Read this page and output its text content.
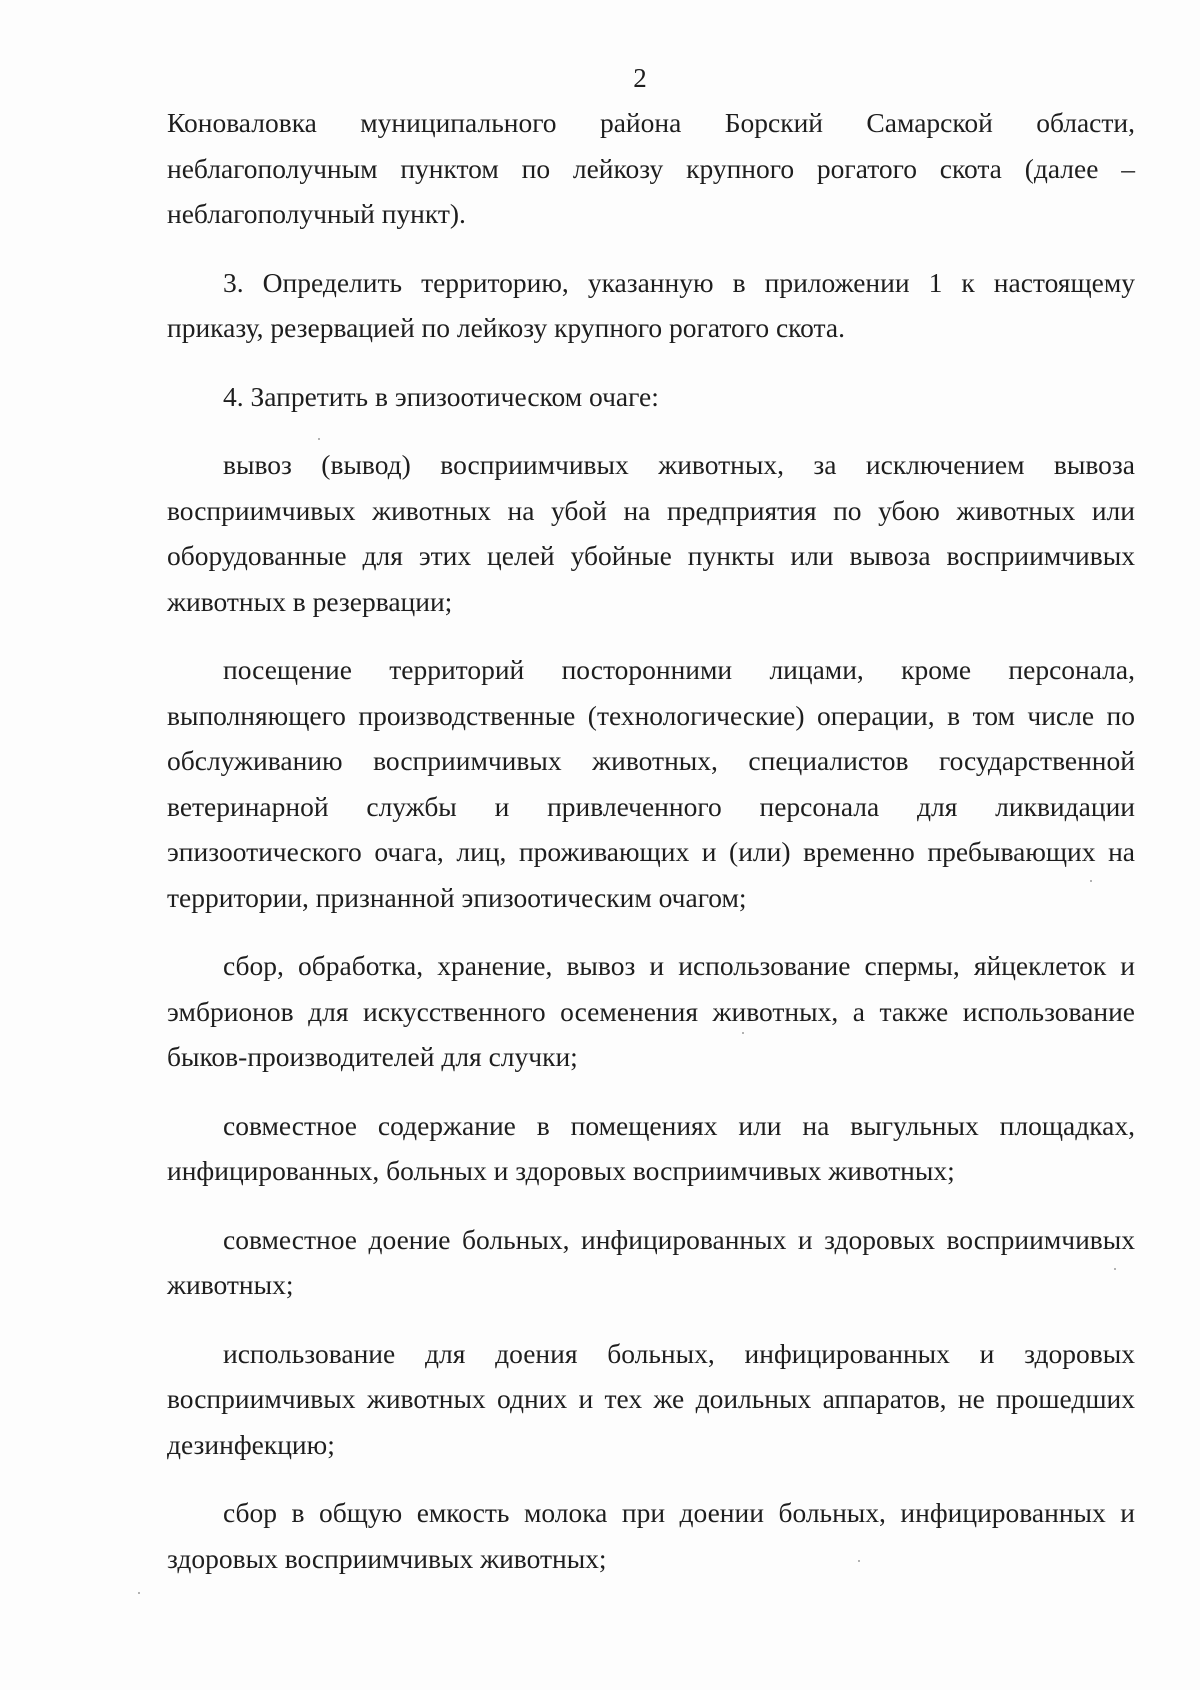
2

Коноваловка муниципального района Борский Самарской области, неблагополучным пунктом по лейкозу крупного рогатого скота (далее – неблагополучный пункт).

3. Определить территорию, указанную в приложении 1 к настоящему приказу, резервацией по лейкозу крупного рогатого скота.

4. Запретить в эпизоотическом очаге:

вывоз (вывод) восприимчивых животных, за исключением вывоза восприимчивых животных на убой на предприятия по убою животных или оборудованные для этих целей убойные пункты или вывоза восприимчивых животных в резервации;

посещение территорий посторонними лицами, кроме персонала, выполняющего производственные (технологические) операции, в том числе по обслуживанию восприимчивых животных, специалистов государственной ветеринарной службы и привлеченного персонала для ликвидации эпизоотического очага, лиц, проживающих и (или) временно пребывающих на территории, признанной эпизоотическим очагом;

сбор, обработка, хранение, вывоз и использование спермы, яйцеклеток и эмбрионов для искусственного осеменения животных, а также использование быков-производителей для случки;

совместное содержание в помещениях или на выгульных площадках, инфицированных, больных и здоровых восприимчивых животных;

совместное доение больных, инфицированных и здоровых восприимчивых животных;

использование для доения больных, инфицированных и здоровых восприимчивых животных одних и тех же доильных аппаратов, не прошедших дезинфекцию;

сбор в общую емкость молока при доении больных, инфицированных и здоровых восприимчивых животных;
